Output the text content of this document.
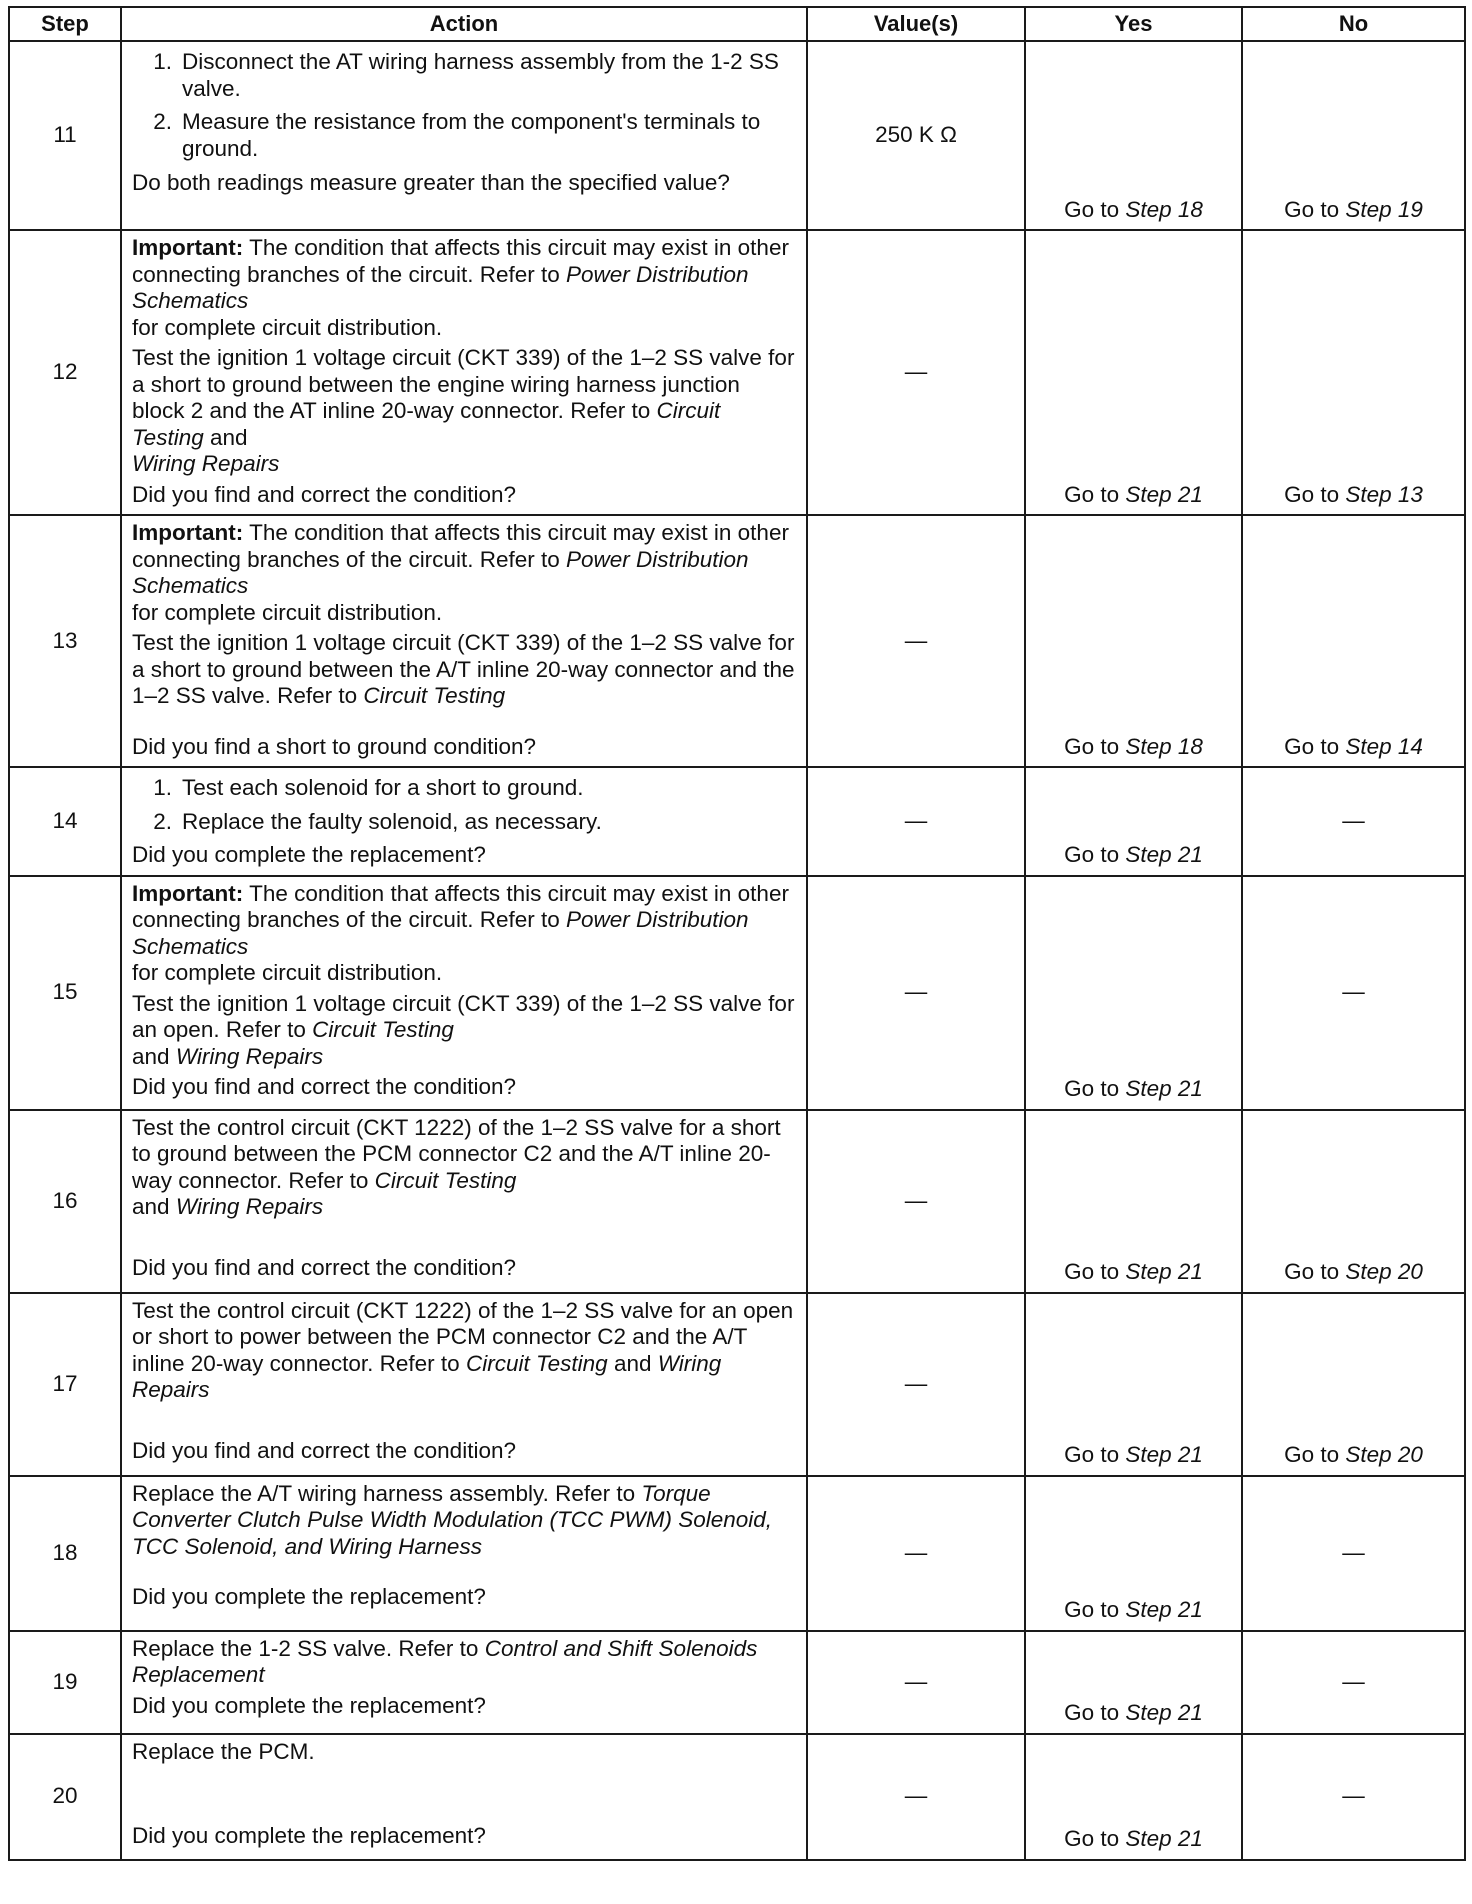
Step	Action	Value(s)	Yes	No
11	1. Disconnect the AT wiring harness assembly from the 1-2 SS valve.
2. Measure the resistance from the component's terminals to ground.
Do both readings measure greater than the specified value?	250 K Ω	Go to Step 18	Go to Step 19
12	Important: The condition that affects this circuit may exist in other connecting branches of the circuit. Refer to Power Distribution Schematics
for complete circuit distribution.
Test the ignition 1 voltage circuit (CKT 339) of the 1–2 SS valve for a short to ground between the engine wiring harness junction block 2 and the AT inline 20-way connector. Refer to Circuit Testing and
Wiring Repairs
Did you find and correct the condition?	—	Go to Step 21	Go to Step 13
13	Important: The condition that affects this circuit may exist in other connecting branches of the circuit. Refer to Power Distribution Schematics
for complete circuit distribution.
Test the ignition 1 voltage circuit (CKT 339) of the 1–2 SS valve for a short to ground between the A/T inline 20-way connector and the 1–2 SS valve. Refer to Circuit Testing
Did you find a short to ground condition?	—	Go to Step 18	Go to Step 14
14	1. Test each solenoid for a short to ground.
2. Replace the faulty solenoid, as necessary.
Did you complete the replacement?	—	Go to Step 21	—
15	Important: The condition that affects this circuit may exist in other connecting branches of the circuit. Refer to Power Distribution Schematics
for complete circuit distribution.
Test the ignition 1 voltage circuit (CKT 339) of the 1–2 SS valve for an open. Refer to Circuit Testing
and Wiring Repairs
Did you find and correct the condition?	—	Go to Step 21	—
16	Test the control circuit (CKT 1222) of the 1–2 SS valve for a short to ground between the PCM connector C2 and the A/T inline 20-way connector. Refer to Circuit Testing
and Wiring Repairs
Did you find and correct the condition?	—	Go to Step 21	Go to Step 20
17	Test the control circuit (CKT 1222) of the 1–2 SS valve for an open or short to power between the PCM connector C2 and the A/T inline 20-way connector. Refer to Circuit Testing and Wiring Repairs
Did you find and correct the condition?	—	Go to Step 21	Go to Step 20
18	Replace the A/T wiring harness assembly. Refer to Torque Converter Clutch Pulse Width Modulation (TCC PWM) Solenoid, TCC Solenoid, and Wiring Harness
Did you complete the replacement?	—	Go to Step 21	—
19	Replace the 1-2 SS valve. Refer to Control and Shift Solenoids Replacement
Did you complete the replacement?	—	Go to Step 21	—
20	Replace the PCM.
Did you complete the replacement?	—	Go to Step 21	—
